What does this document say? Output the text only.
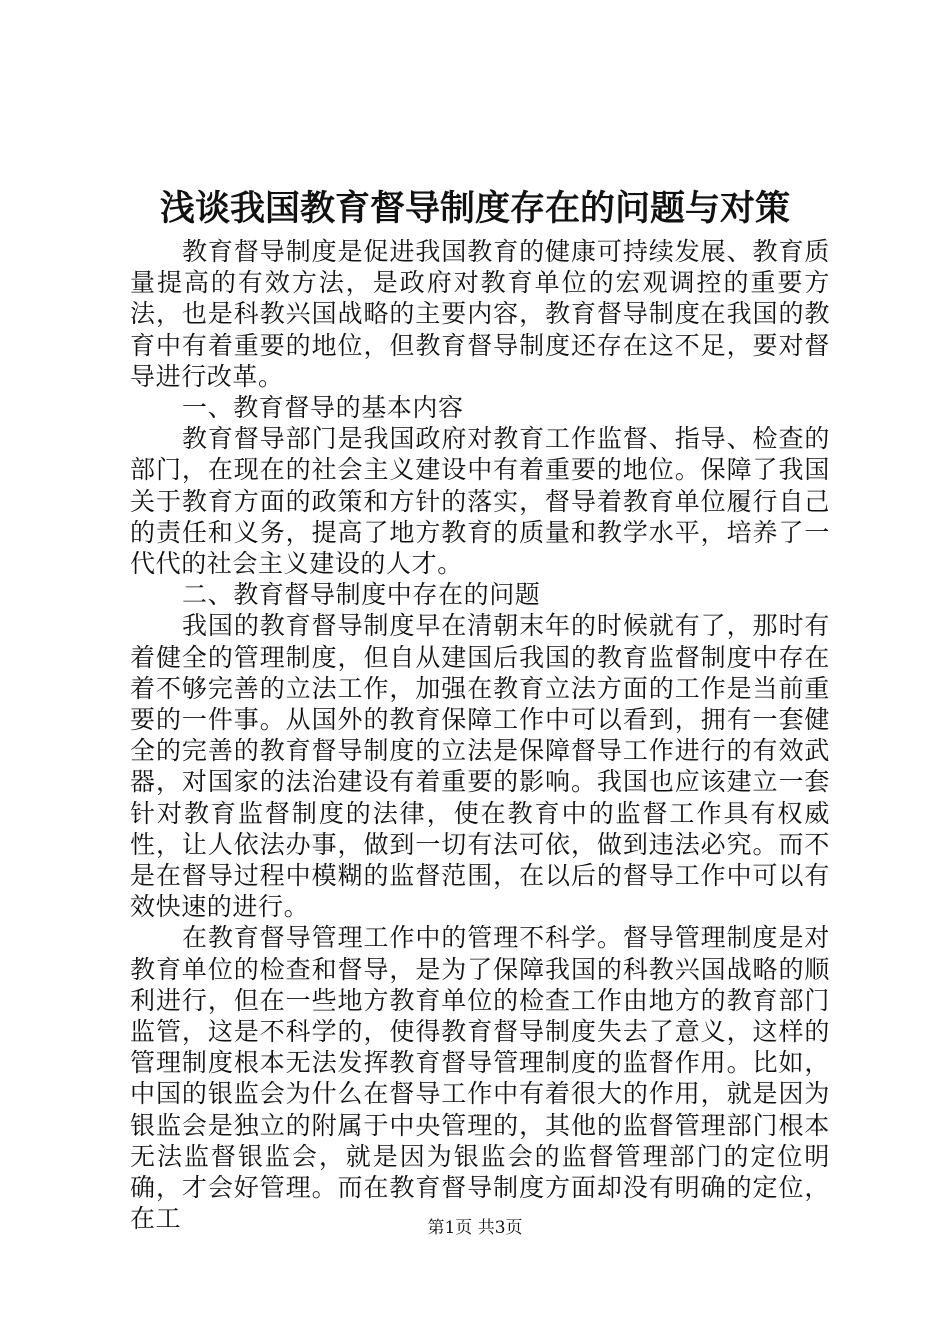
浅谈我国教育督导制度存在的问题与对策

教育督导制度是促进我国教育的健康可持续发展、教育质量提高的有效方法，是政府对教育单位的宏观调控的重要方法，也是科教兴国战略的主要内容，教育督导制度在我国的教育中有着重要的地位，但教育督导制度还存在这不足，要对督导进行改革。

一、教育督导的基本内容

教育督导部门是我国政府对教育工作监督、指导、检查的部门，在现在的社会主义建设中有着重要的地位。保障了我国关于教育方面的政策和方针的落实，督导着教育单位履行自己的责任和义务，提高了地方教育的质量和教学水平，培养了一代代的社会主义建设的人才。

二、教育督导制度中存在的问题

我国的教育督导制度早在清朝末年的时候就有了，那时有着健全的管理制度，但自从建国后我国的教育监督制度中存在着不够完善的立法工作，加强在教育立法方面的工作是当前重要的一件事。从国外的教育保障工作中可以看到，拥有一套健全的完善的教育督导制度的立法是保障督导工作进行的有效武器，对国家的法治建设有着重要的影响。我国也应该建立一套针对教育监督制度的法律，使在教育中的监督工作具有权威性，让人依法办事，做到一切有法可依，做到违法必究。而不是在督导过程中模糊的监督范围，在以后的督导工作中可以有效快速的进行。

在教育督导管理工作中的管理不科学。督导管理制度是对教育单位的检查和督导，是为了保障我国的科教兴国战略的顺利进行，但在一些地方教育单位的检查工作由地方的教育部门监管，这是不科学的，使得教育督导制度失去了意义，这样的管理制度根本无法发挥教育督导管理制度的监督作用。比如，中国的银监会为什么在督导工作中有着很大的作用，就是因为银监会是独立的附属于中央管理的，其他的监督管理部门根本无法监督银监会，就是因为银监会的监督管理部门的定位明确，才会好管理。而在教育督导制度方面却没有明确的定位，在工	第1页 共3页
